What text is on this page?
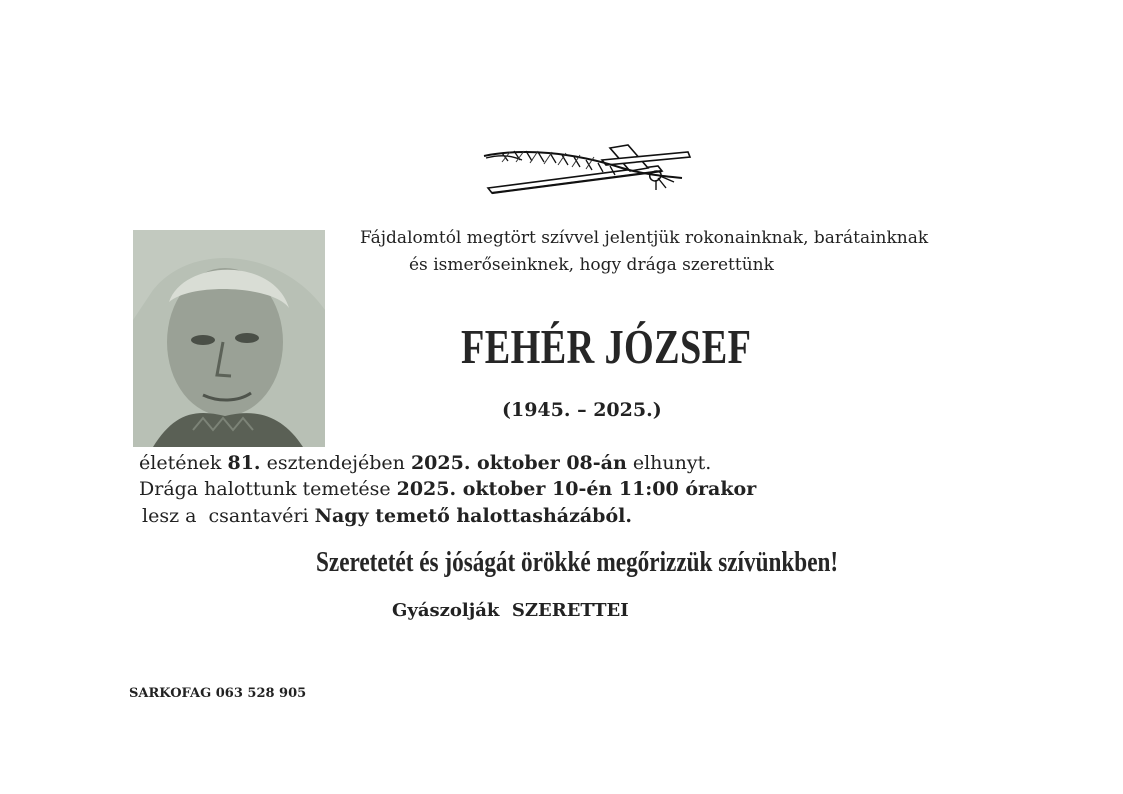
Fájdalomtól megtört szívvel jelentjük rokonainknak, barátainknak
és ismerőseinknek, hogy drága szerettünk
FEHÉR JÓZSEF
(1945. – 2025.)
életének 81. esztendejében 2025. oktober 08-án elhunyt.
Drága halottunk temetése 2025. oktober 10-én 11:00 órakor
lesz a  csantavéri Nagy temető halottasházából.
Szeretetét és jóságát örökké megőrizzük szívünkben!
Gyászolják  SZERETTEI
SARKOFAG 063 528 905
